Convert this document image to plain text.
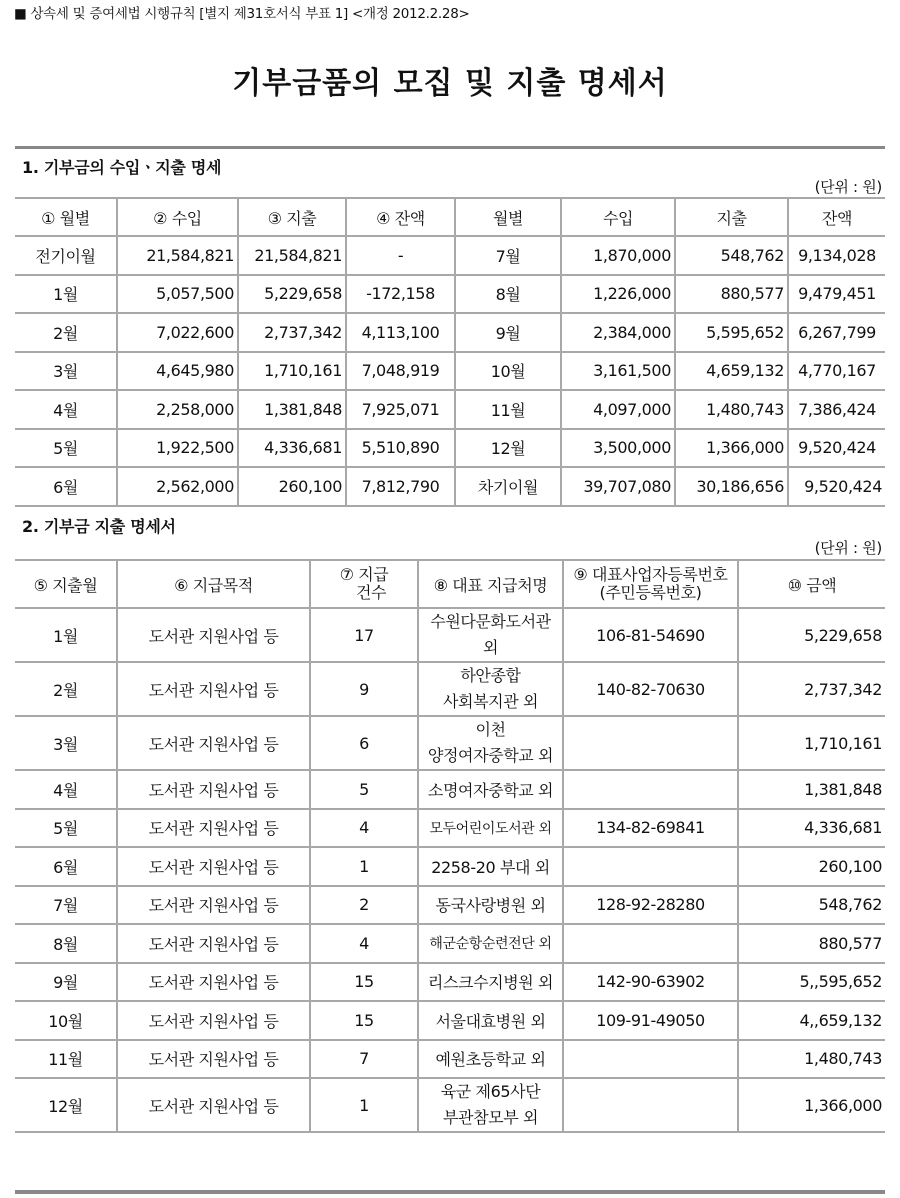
■ 상속세 및 증여세법 시행규칙 [별지 제31호서식 부표 1] <개정 2012.2.28>
기부금품의 모집 및 지출 명세서
1. 기부금의 수입ㆍ지출 명세
(단위 : 원)
① 월별	② 수입	③ 지출	④ 잔액	월별	수입	지출	잔액
전기이월	21,584,821	21,584,821	-	7월	1,870,000	548,762	9,134,028
1월	5,057,500	5,229,658	-172,158	8월	1,226,000	880,577	9,479,451
2월	7,022,600	2,737,342	4,113,100	9월	2,384,000	5,595,652	6,267,799
3월	4,645,980	1,710,161	7,048,919	10월	3,161,500	4,659,132	4,770,167
4월	2,258,000	1,381,848	7,925,071	11월	4,097,000	1,480,743	7,386,424
5월	1,922,500	4,336,681	5,510,890	12월	3,500,000	1,366,000	9,520,424
6월	2,562,000	260,100	7,812,790	차기이월	39,707,080	30,186,656	9,520,424
2. 기부금 지출 명세서
(단위 : 원)
⑤ 지출월	⑥ 지급목적	
⑦ 지급
건수	⑧ 대표 지급처명	
⑨ 대표사업자등록번호
(주민등록번호)	⑩ 금액
1월	도서관 지원사업 등	17	수원다문화도서관
외	106-81-54690	5,229,658
2월	도서관 지원사업 등	9	하안종합
사회복지관 외	140-82-70630	2,737,342
3월	도서관 지원사업 등	6	이천
양정여자중학교 외		1,710,161
4월	도서관 지원사업 등	5	소명여자중학교 외		1,381,848
5월	도서관 지원사업 등	4	모두어린이도서관 외	134-82-69841	4,336,681
6월	도서관 지원사업 등	1	2258-20 부대 외		260,100
7월	도서관 지원사업 등	2	동국사랑병원 외	128-92-28280	548,762
8월	도서관 지원사업 등	4	해군순항순련전단 외		880,577
9월	도서관 지원사업 등	15	리스크수지병원 외	142-90-63902	5,,595,652
10월	도서관 지원사업 등	15	서울대효병원 외	109-91-49050	4,,659,132
11월	도서관 지원사업 등	7	예원초등학교 외		1,480,743
12월	도서관 지원사업 등	1	육군 제65사단
부관참모부 외		1,366,000
